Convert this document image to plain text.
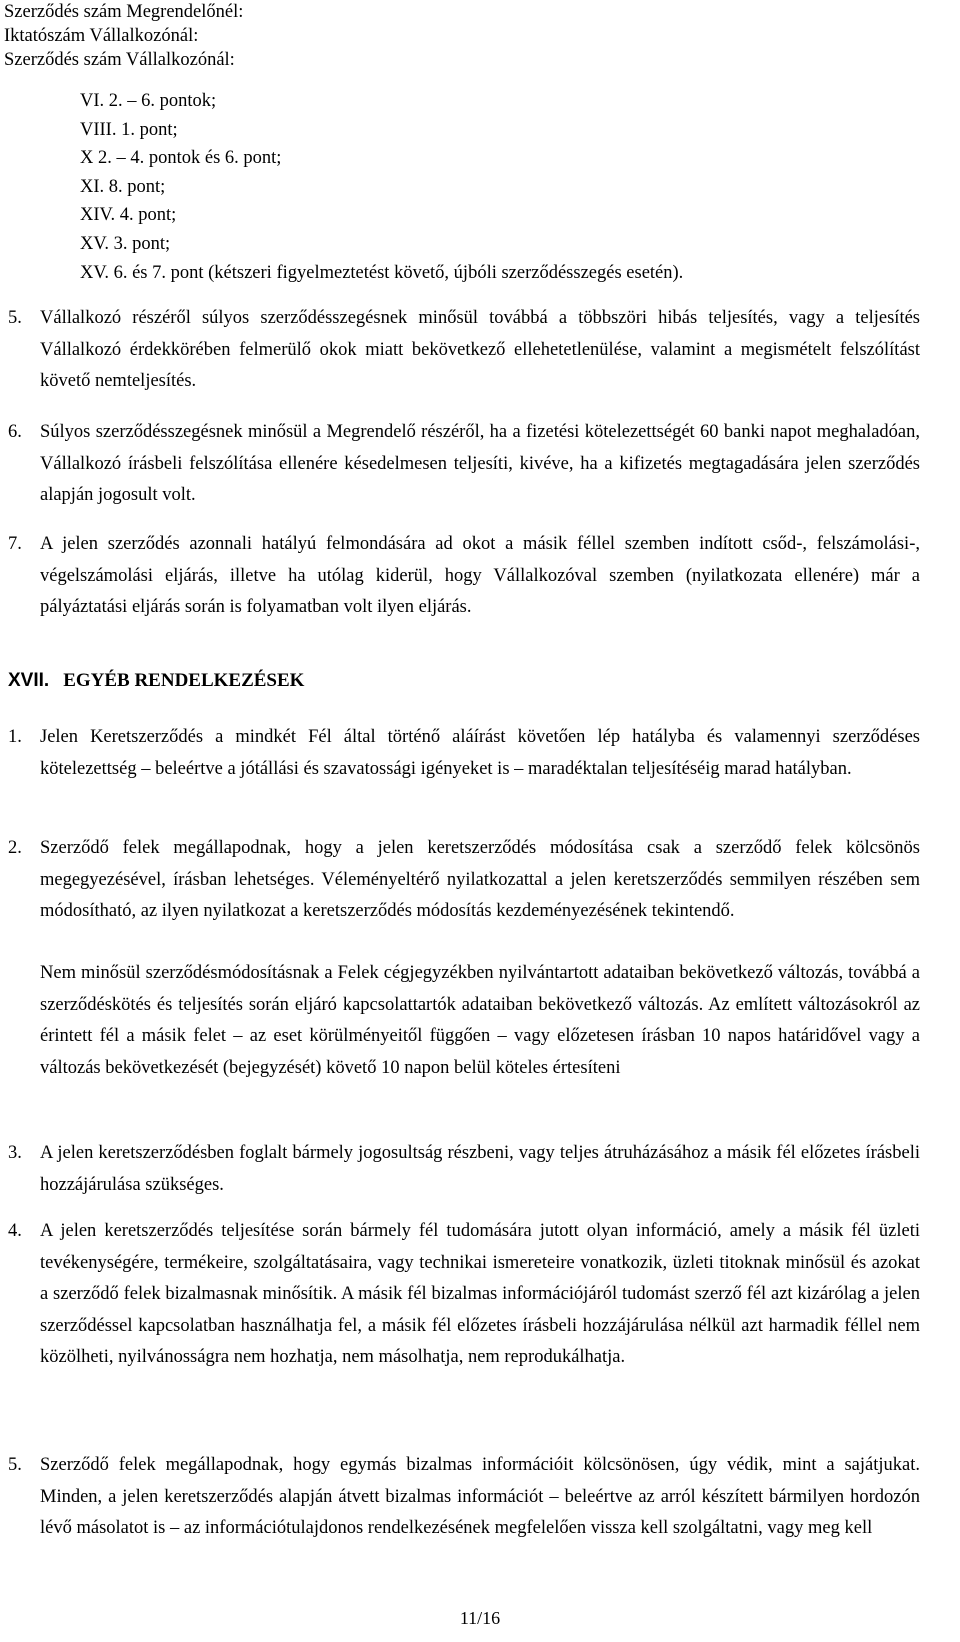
Szerződés szám Megrendelőnél:
Iktatószám Vállalkozónál:
Szerződés szám Vállalkozónál:
VI. 2. – 6. pontok;
VIII. 1. pont;
X 2. – 4. pontok és 6. pont;
XI. 8. pont;
XIV. 4. pont;
XV. 3. pont;
XV. 6. és 7. pont (kétszeri figyelmeztetést követő, újbóli szerződésszegés esetén).
5. Vállalkozó részéről súlyos szerződésszegésnek minősül továbbá a többszöri hibás teljesítés, vagy a teljesítés Vállalkozó érdekkörében felmerülő okok miatt bekövetkező ellehetetlenülése, valamint a megismételt felszólítást követő nemteljesítés.
6. Súlyos szerződésszegésnek minősül a Megrendelő részéről, ha a fizetési kötelezettségét 60 banki napot meghaladóan, Vállalkozó írásbeli felszólítása ellenére késedelmesen teljesíti, kivéve, ha a kifizetés megtagadására jelen szerződés alapján jogosult volt.
7. A jelen szerződés azonnali hatályú felmondására ad okot a másik féllel szemben indított csőd-, felszámolási-, végelszámolási eljárás, illetve ha utólag kiderül, hogy Vállalkozóval szemben (nyilatkozata ellenére) már a pályáztatási eljárás során is folyamatban volt ilyen eljárás.
XVII. EGYÉB RENDELKEZÉSEK
1. Jelen Keretszerződés a mindkét Fél által történő aláírást követően lép hatályba és valamennyi szerződéses kötelezettség – beleértve a jótállási és szavatossági igényeket is – maradéktalan teljesítéséig marad hatályban.
2. Szerződő felek megállapodnak, hogy a jelen keretszerződés módosítása csak a szerződő felek kölcsönös megegyezésével, írásban lehetséges. Véleményeltérő nyilatkozattal a jelen keretszerződés semmilyen részében sem módosítható, az ilyen nyilatkozat a keretszerződés módosítás kezdeményezésének tekintendő.
Nem minősül szerződésmódosításnak a Felek cégjegyzékben nyilvántartott adataiban bekövetkező változás, továbbá a szerződéskötés és teljesítés során eljáró kapcsolattartók adataiban bekövetkező változás. Az említett változásokról az érintett fél a másik felet – az eset körülményeitől függően – vagy előzetesen írásban 10 napos határidővel vagy a változás bekövetkezését (bejegyzését) követő 10 napon belül köteles értesíteni
3. A jelen keretszerződésben foglalt bármely jogosultság részbeni, vagy teljes átruházásához a másik fél előzetes írásbeli hozzájárulása szükséges.
4. A jelen keretszerződés teljesítése során bármely fél tudomására jutott olyan információ, amely a másik fél üzleti tevékenységére, termékeire, szolgáltatásaira, vagy technikai ismereteire vonatkozik, üzleti titoknak minősül és azokat a szerződő felek bizalmasnak minősítik. A másik fél bizalmas információjáról tudomást szerző fél azt kizárólag a jelen szerződéssel kapcsolatban használhatja fel, a másik fél előzetes írásbeli hozzájárulása nélkül azt harmadik féllel nem közölheti, nyilvánosságra nem hozhatja, nem másolhatja, nem reprodukálhatja.
5. Szerződő felek megállapodnak, hogy egymás bizalmas információit kölcsönösen, úgy védik, mint a sajátjukat. Minden, a jelen keretszerződés alapján átvett bizalmas információt – beleértve az arról készített bármilyen hordozón lévő másolatot is – az információtulajdonos rendelkezésének megfelelően vissza kell szolgáltatni, vagy meg kell
11/16
